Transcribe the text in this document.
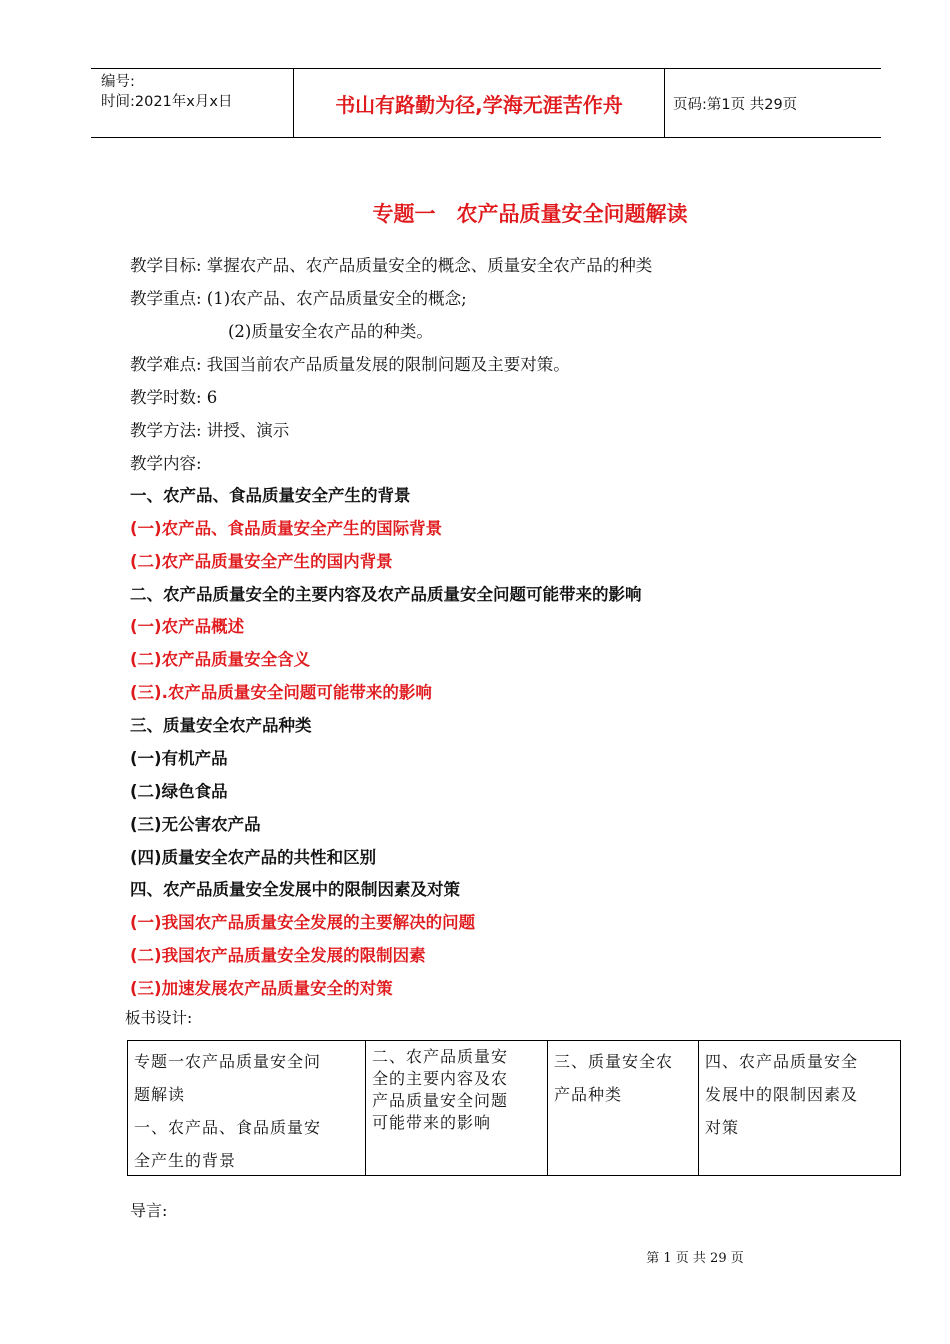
编号:
时间:2021年x月x日	书山有路勤为径,学海无涯苦作舟	页码:第1页 共29页
专题一　农产品质量安全问题解读
教学目标: 掌握农产品、农产品质量安全的概念、质量安全农产品的种类
教学重点: (1)农产品、农产品质量安全的概念;
(2)质量安全农产品的种类。
教学难点: 我国当前农产品质量发展的限制问题及主要对策。
教学时数: 6
教学方法: 讲授、演示
教学内容:
一、农产品、食品质量安全产生的背景
(一)农产品、食品质量安全产生的国际背景
(二)农产品质量安全产生的国内背景
二、农产品质量安全的主要内容及农产品质量安全问题可能带来的影响
(一)农产品概述
(二)农产品质量安全含义
(三).农产品质量安全问题可能带来的影响
三、质量安全农产品种类
(一)有机产品
(二)绿色食品
(三)无公害农产品
(四)质量安全农产品的共性和区别
四、农产品质量安全发展中的限制因素及对策
(一)我国农产品质量安全发展的主要解决的问题
(二)我国农产品质量安全发展的限制因素
(三)加速发展农产品质量安全的对策
板书设计:
专题一农产品质量安全问
题解读
一、农产品、食品质量安
全产生的背景
二、农产品质量安
全的主要内容及农
产品质量安全问题
可能带来的影响
三、质量安全农
产品种类
四、农产品质量安全
发展中的限制因素及
对策
导言:
第 1 页 共 29 页
